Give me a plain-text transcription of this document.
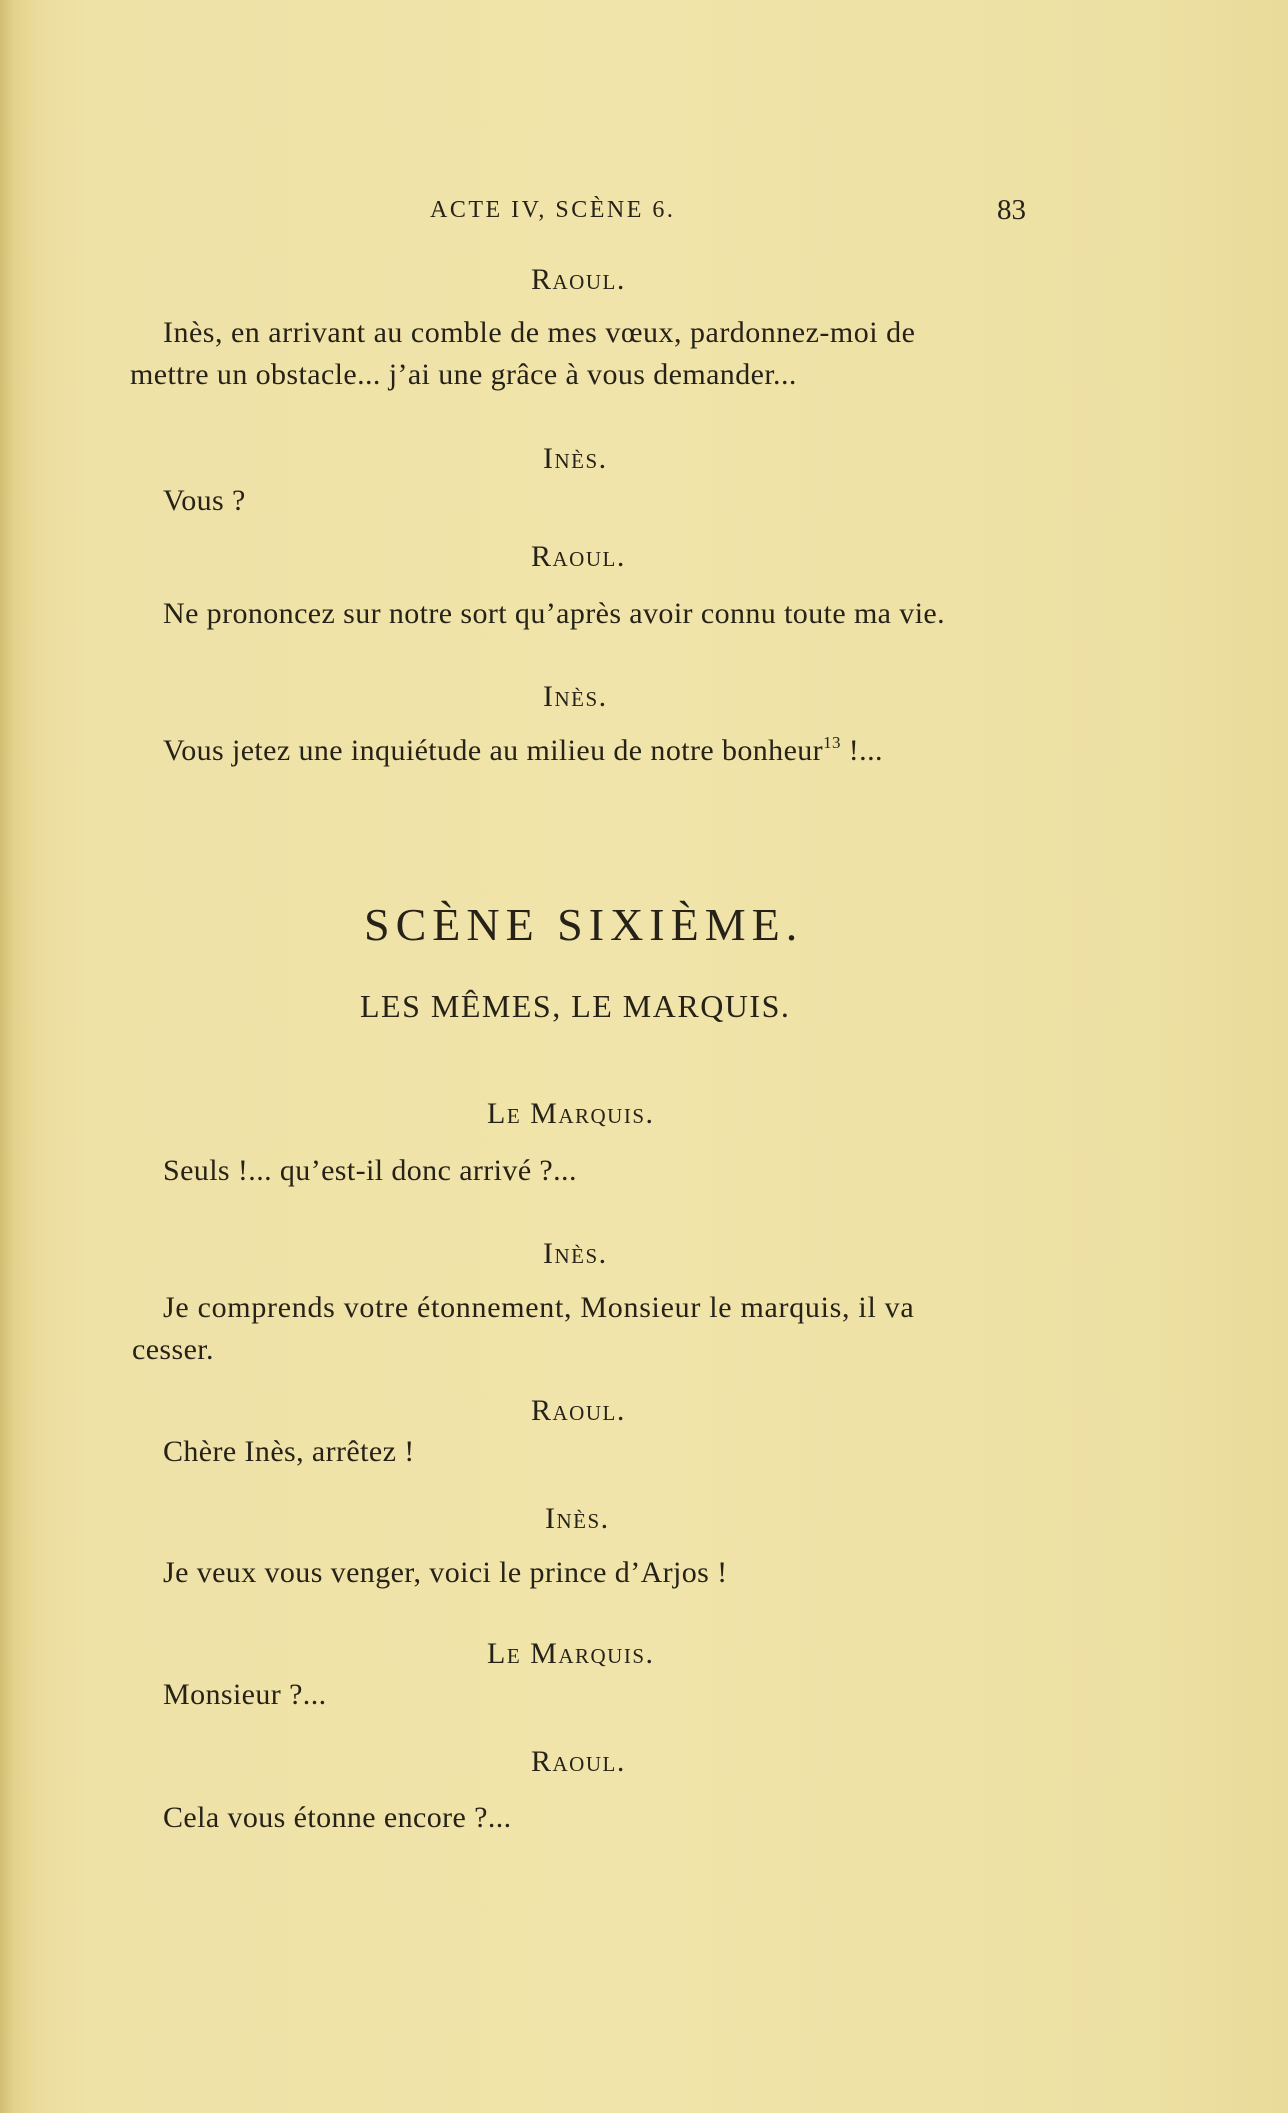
ACTE IV, SCÈNE 6.	83
Raoul.
Inès, en arrivant au comble de mes vœux, pardonnez-moi de
mettre un obstacle... j’ai une grâce à vous demander...
Inès.
Vous ?
Raoul.
Ne prononcez sur notre sort qu’après avoir connu toute ma vie.
Inès.
Vous jetez une inquiétude au milieu de notre bonheur$^{13}$ !...
SCÈNE SIXIÈME.
LES MÊMES, LE MARQUIS.
Le Marquis.
Seuls !... qu’est-il donc arrivé ?...
Inès.
Je comprends votre étonnement, Monsieur le marquis, il va
cesser.
Raoul.
Chère Inès, arrêtez !
Inès.
Je veux vous venger, voici le prince d’Arjos !
Le Marquis.
Monsieur ?...
Raoul.
Cela vous étonne encore ?...
